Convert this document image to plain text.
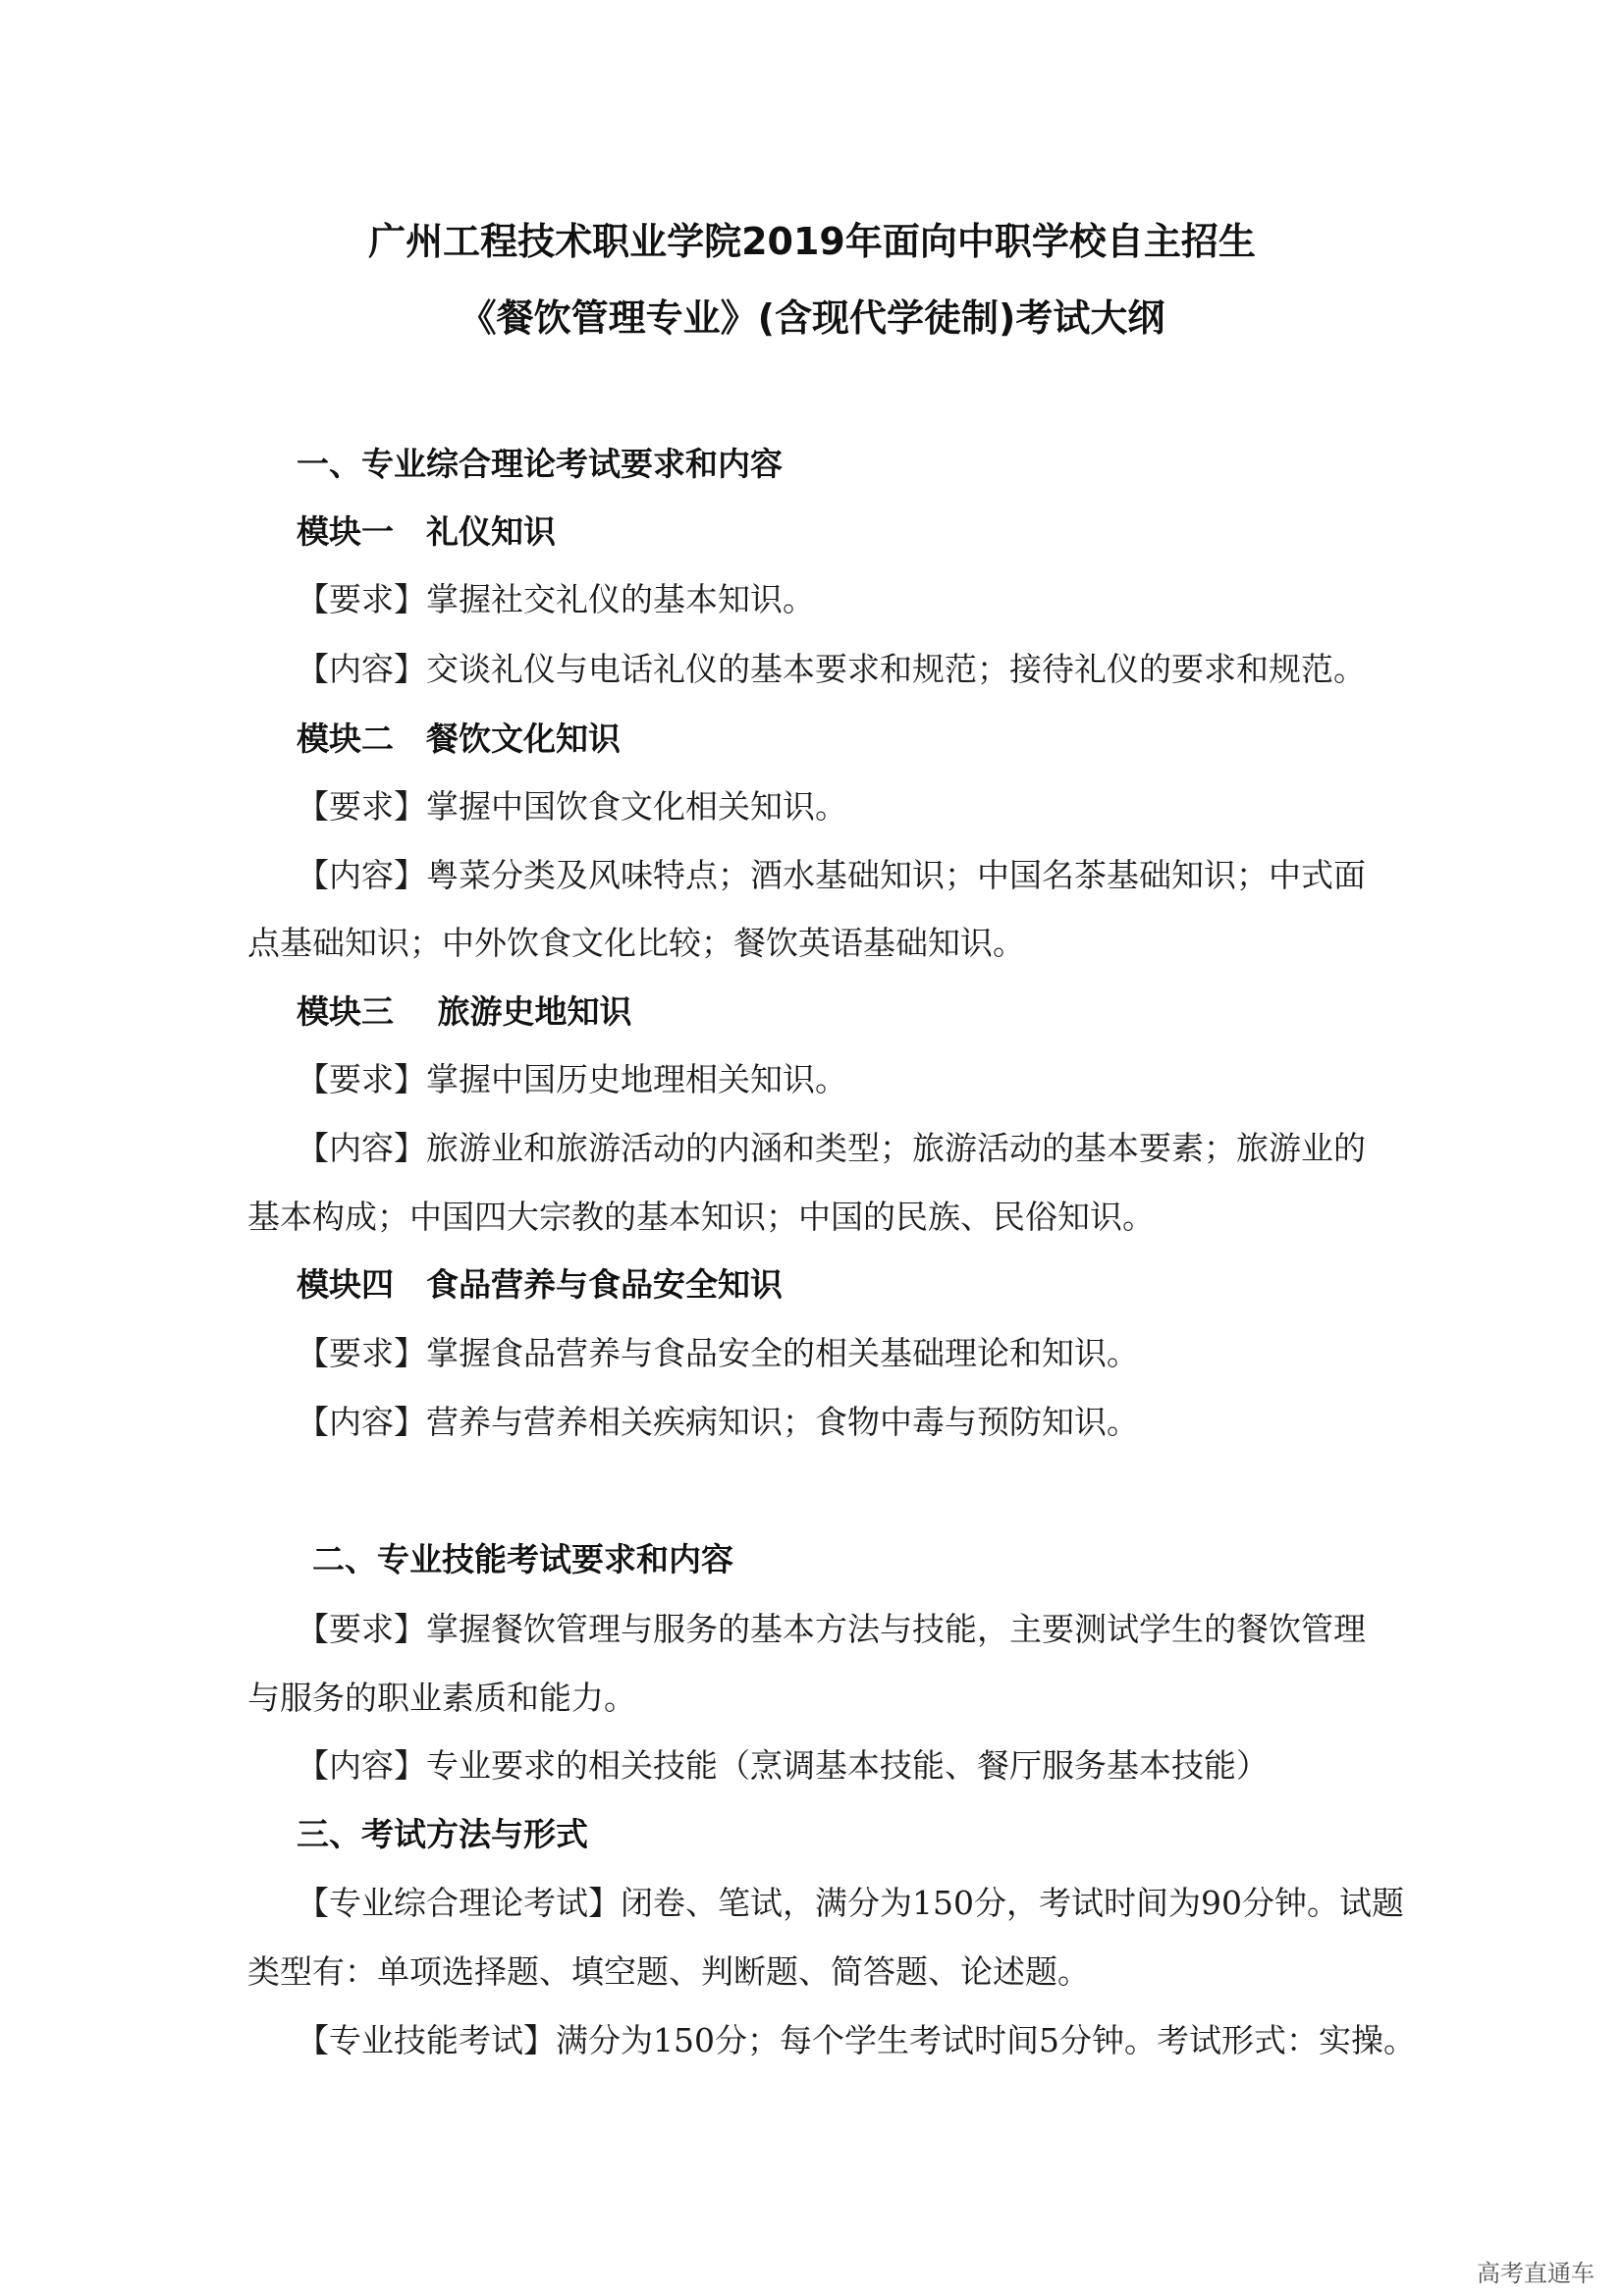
广州工程技术职业学院2019年面向中职学校自主招生
《餐饮管理专业》(含现代学徒制)考试大纲
一、专业综合理论考试要求和内容
模块一　礼仪知识
【要求】掌握社交礼仪的基本知识。
【内容】交谈礼仪与电话礼仪的基本要求和规范；接待礼仪的要求和规范。
模块二　餐饮文化知识
【要求】掌握中国饮食文化相关知识。
【内容】粤菜分类及风味特点；酒水基础知识；中国名茶基础知识；中式面
点基础知识；中外饮食文化比较；餐饮英语基础知识。
模块三　 旅游史地知识
【要求】掌握中国历史地理相关知识。
【内容】旅游业和旅游活动的内涵和类型；旅游活动的基本要素；旅游业的
基本构成；中国四大宗教的基本知识；中国的民族、民俗知识。
模块四　食品营养与食品安全知识
【要求】掌握食品营养与食品安全的相关基础理论和知识。
【内容】营养与营养相关疾病知识；食物中毒与预防知识。
二、专业技能考试要求和内容
【要求】掌握餐饮管理与服务的基本方法与技能，主要测试学生的餐饮管理
与服务的职业素质和能力。
【内容】专业要求的相关技能（烹调基本技能、餐厅服务基本技能）
三、考试方法与形式
【专业综合理论考试】闭卷、笔试，满分为150分，考试时间为90分钟。试题
类型有：单项选择题、填空题、判断题、简答题、论述题。
【专业技能考试】满分为150分；每个学生考试时间5分钟。考试形式：实操。
高考直通车
